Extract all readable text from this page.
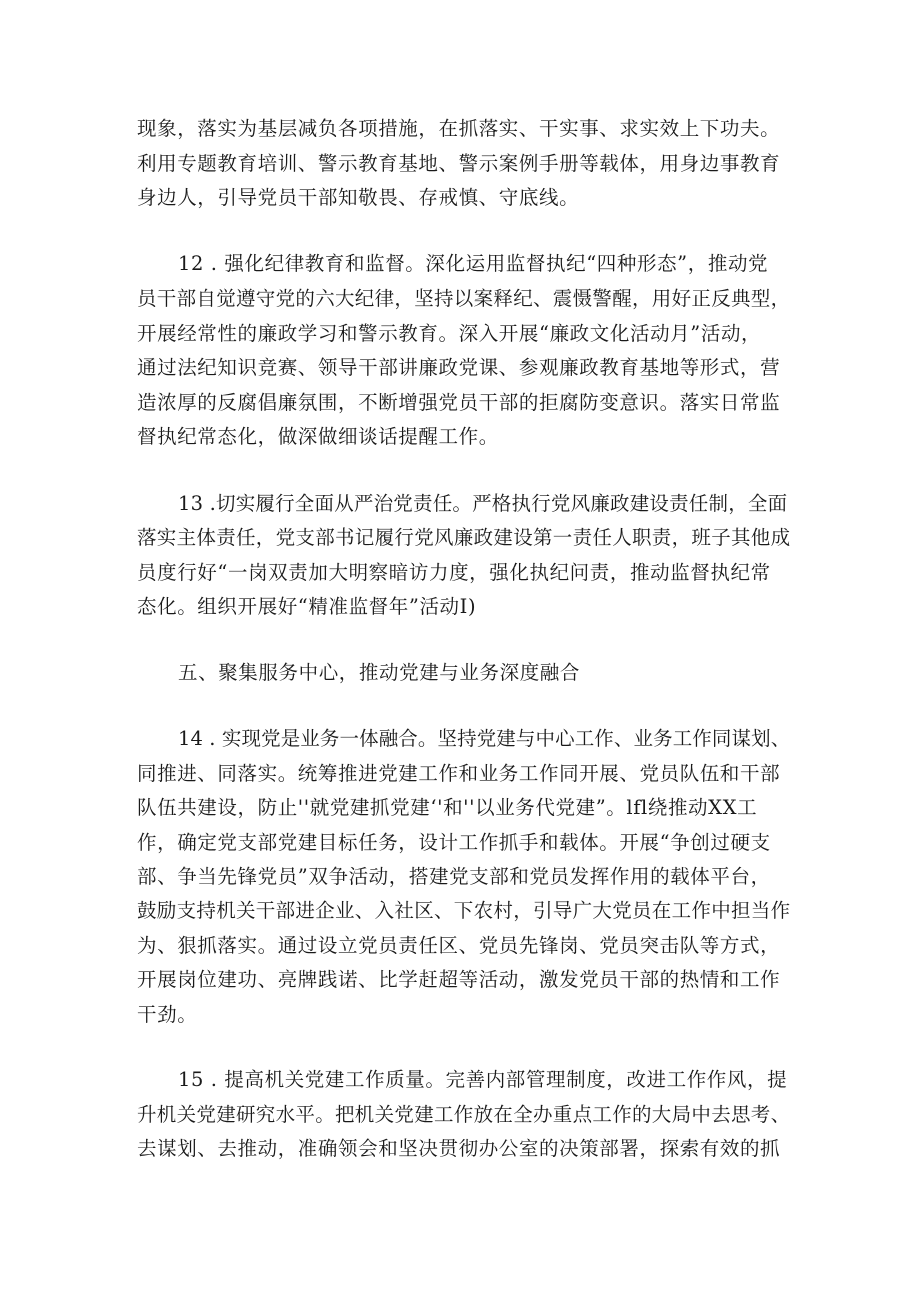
现象，落实为基层减负各项措施，在抓落实、干实事、求实效上下功夫。
利用专题教育培训、警示教育基地、警示案例手册等载体，用身边事教育
身边人，引导党员干部知敬畏、存戒慎、守底线。
12 . 强化纪律教育和监督。深化运用监督执纪“四种形态”，推动党
员干部自觉遵守党的六大纪律，坚持以案释纪、震慑警醒，用好正反典型，
开展经常性的廉政学习和警示教育。深入开展“廉政文化活动月”活动，
通过法纪知识竞赛、领导干部讲廉政党课、参观廉政教育基地等形式，营
造浓厚的反腐倡廉氛围，不断增强党员干部的拒腐防变意识。落实日常监
督执纪常态化，做深做细谈话提醒工作。
13 .切实履行全面从严治党责任。严格执行党风廉政建设责任制，全面
落实主体责任，党支部书记履行党风廉政建设第一责任人职责，班子其他成
员度行好“一岗双责加大明察暗访力度，强化执纪问责，推动监督执纪常
态化。组织开展好“精准监督年”活动I)
五、聚集服务中心，推动党建与业务深度融合
14 . 实现党是业务一体融合。坚持党建与中心工作、业务工作同谋划、
同推进、同落实。统筹推进党建工作和业务工作同开展、党员队伍和干部
队伍共建设，防止''就党建抓党建‘'和''以业务代党建”。lfl绕推动XX工
作，确定党支部党建目标任务，设计工作抓手和载体。开展“争创过硬支
部、争当先锋党员”双争活动，搭建党支部和党员发挥作用的载体平台，
鼓励支持机关干部进企业、入社区、下农村，引导广大党员在工作中担当作
为、狠抓落实。通过设立党员责任区、党员先锋岗、党员突击队等方式，
开展岗位建功、亮牌践诺、比学赶超等活动，激发党员干部的热情和工作
干劲。
15 . 提高机关党建工作质量。完善内部管理制度，改进工作作风，提
升机关党建研究水平。把机关党建工作放在全办重点工作的大局中去思考、
去谋划、去推动，准确领会和坚决贯彻办公室的决策部署，探索有效的抓
